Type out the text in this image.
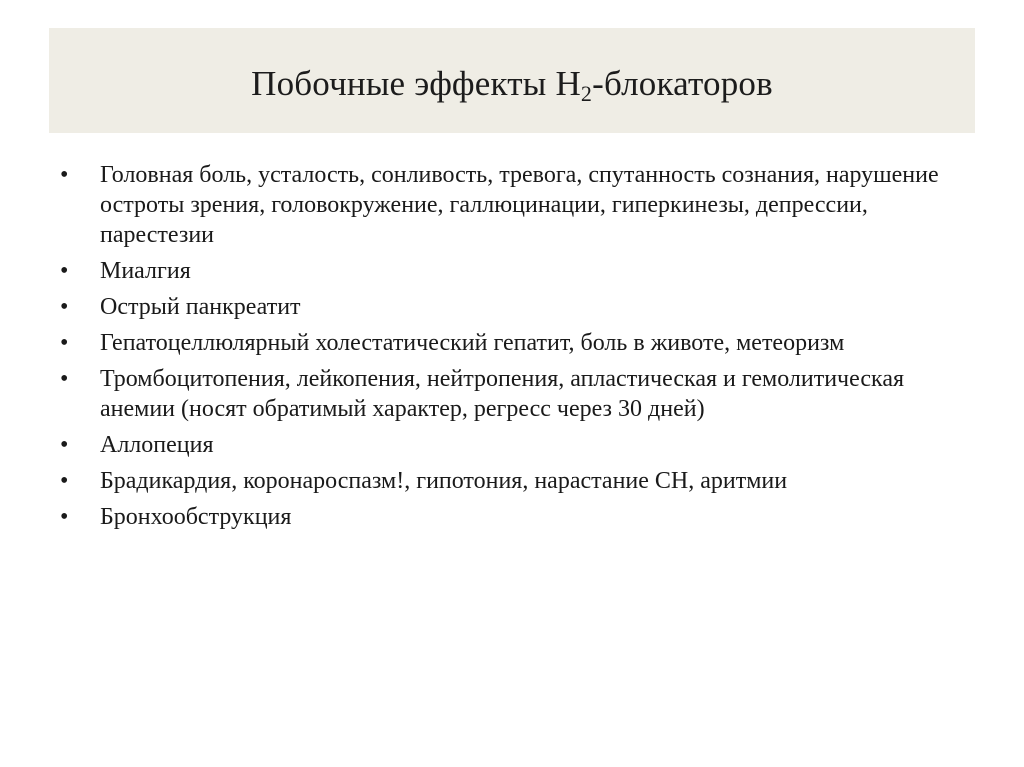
Побочные эффекты $Н_2$-блокаторов
•	Головная боль, усталость, сонливость, тревога, спутанность сознания, нарушение остроты зрения, головокружение, галлюцинации, гиперкинезы, депрессии, парестезии
•	Миалгия
•	Острый панкреатит
•	Гепатоцеллюлярный холестатический гепатит, боль в животе, метеоризм
•	Тромбоцитопения, лейкопения, нейтропения, апластическая и гемолитическая анемии (носят обратимый характер, регресс через 30 дней)
•	Аллопеция
•	Брадикардия, коронароспазм!, гипотония, нарастание СН, аритмии
•	Бронхообструкция
